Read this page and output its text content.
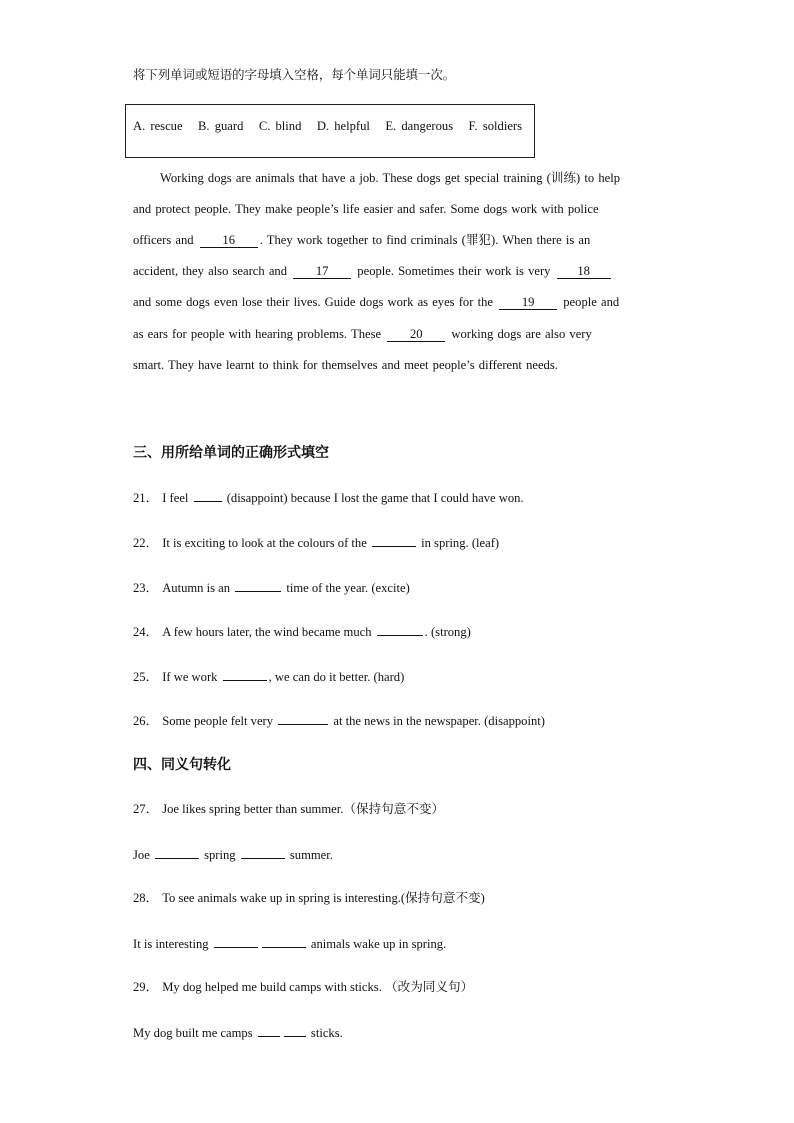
将下列单词或短语的字母填入空格，每个单词只能填一次。
A. rescue   B. guard   C. blind   D. helpful   E. dangerous   F. soldiers
Working dogs are animals that have a job. These dogs get special training (训练) to help
and protect people. They make people’s life easier and safer. Some dogs work with police
officers and 16 . They work together to find criminals (罪犯). When there is an
accident, they also search and 17 people. Sometimes their work is very 18
and some dogs even lose their lives. Guide dogs work as eyes for the 19 people and
as ears for people with hearing problems. These 20 working dogs are also very
smart. They have learnt to think for themselves and meet people’s different needs.
三、用所给单词的正确形式填空
21． I feel	(disappoint) because I lost the game that I could have won.
22． It is exciting to look at the colours of the	in spring. (leaf)
23． Autumn is an	time of the year. (excite)
24． A few hours later, the wind became much	. (strong)
25． If we work	, we can do it better. (hard)
26． Some people felt very	at the news in the newspaper. (disappoint)
四、同义句转化
27． Joe likes spring better than summer.（保持句意不变）
Joe	spring	summer.
28． To see animals wake up in spring is interesting.(保持句意不变)
It is interesting	animals wake up in spring.
29． My dog helped me build camps with sticks. （改为同义句）
My dog built me camps	sticks.
